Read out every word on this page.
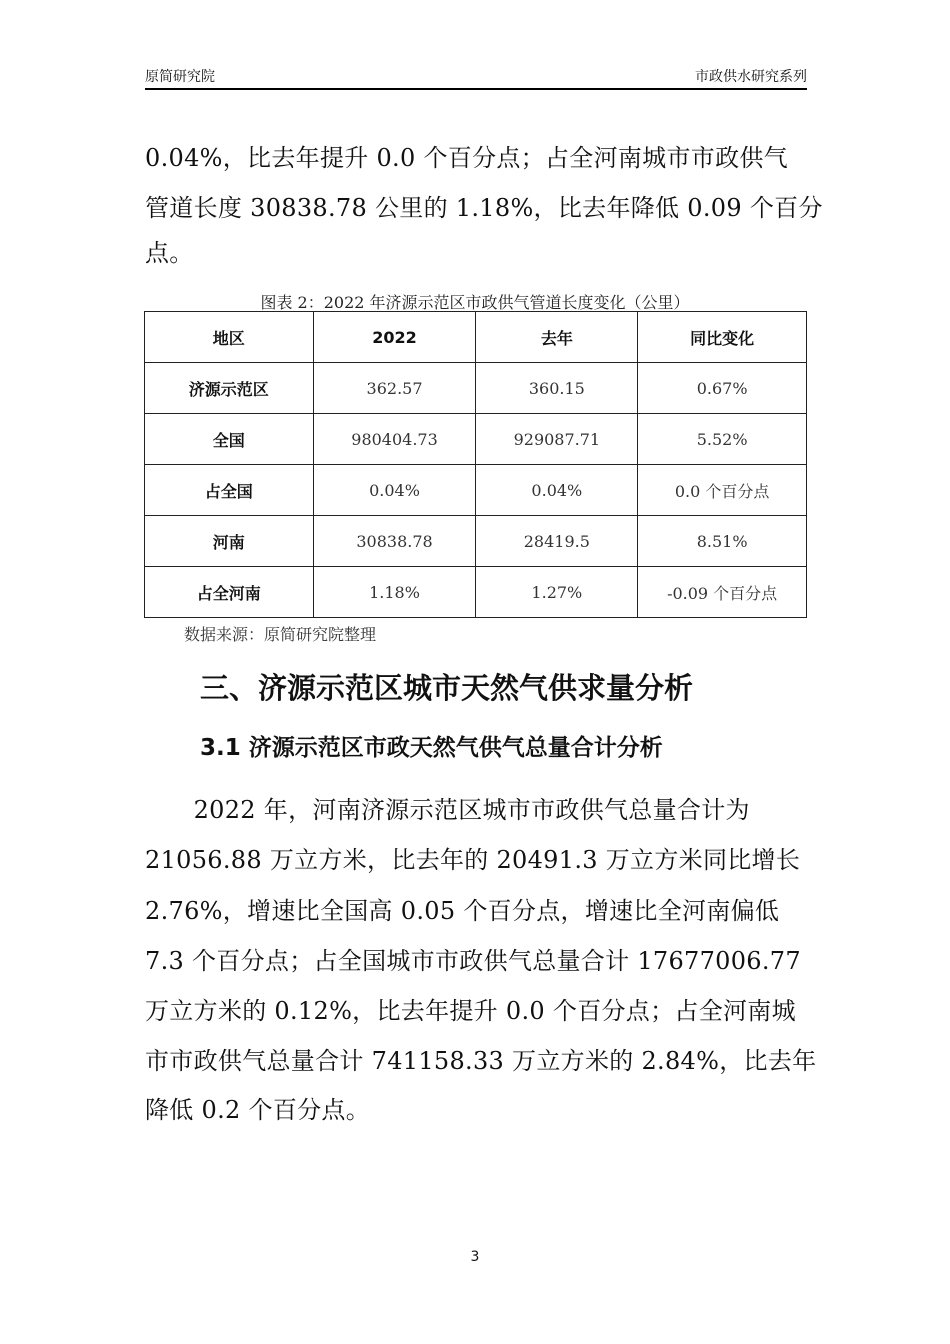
原简研究院	市政供水研究系列
0.04%，比去年提升 0.0 个百分点；占全河南城市市政供气
管道长度 30838.78 公里的 1.18%，比去年降低 0.09 个百分
点。
图表 2：2022 年济源示范区市政供气管道长度变化（公里）
地区	2022	去年	同比变化
济源示范区	362.57	360.15	0.67%
全国	980404.73	929087.71	5.52%
占全国	0.04%	0.04%	0.0 个百分点
河南	30838.78	28419.5	8.51%
占全河南	1.18%	1.27%	-0.09 个百分点
数据来源：原简研究院整理
三、济源示范区城市天然气供求量分析
3.1 济源示范区市政天然气供气总量合计分析
　　2022 年，河南济源示范区城市市政供气总量合计为
21056.88 万立方米，比去年的 20491.3 万立方米同比增长
2.76%，增速比全国高 0.05 个百分点，增速比全河南偏低
7.3 个百分点；占全国城市市政供气总量合计 17677006.77
万立方米的 0.12%，比去年提升 0.0 个百分点；占全河南城
市市政供气总量合计 741158.33 万立方米的 2.84%，比去年
降低 0.2 个百分点。
3
